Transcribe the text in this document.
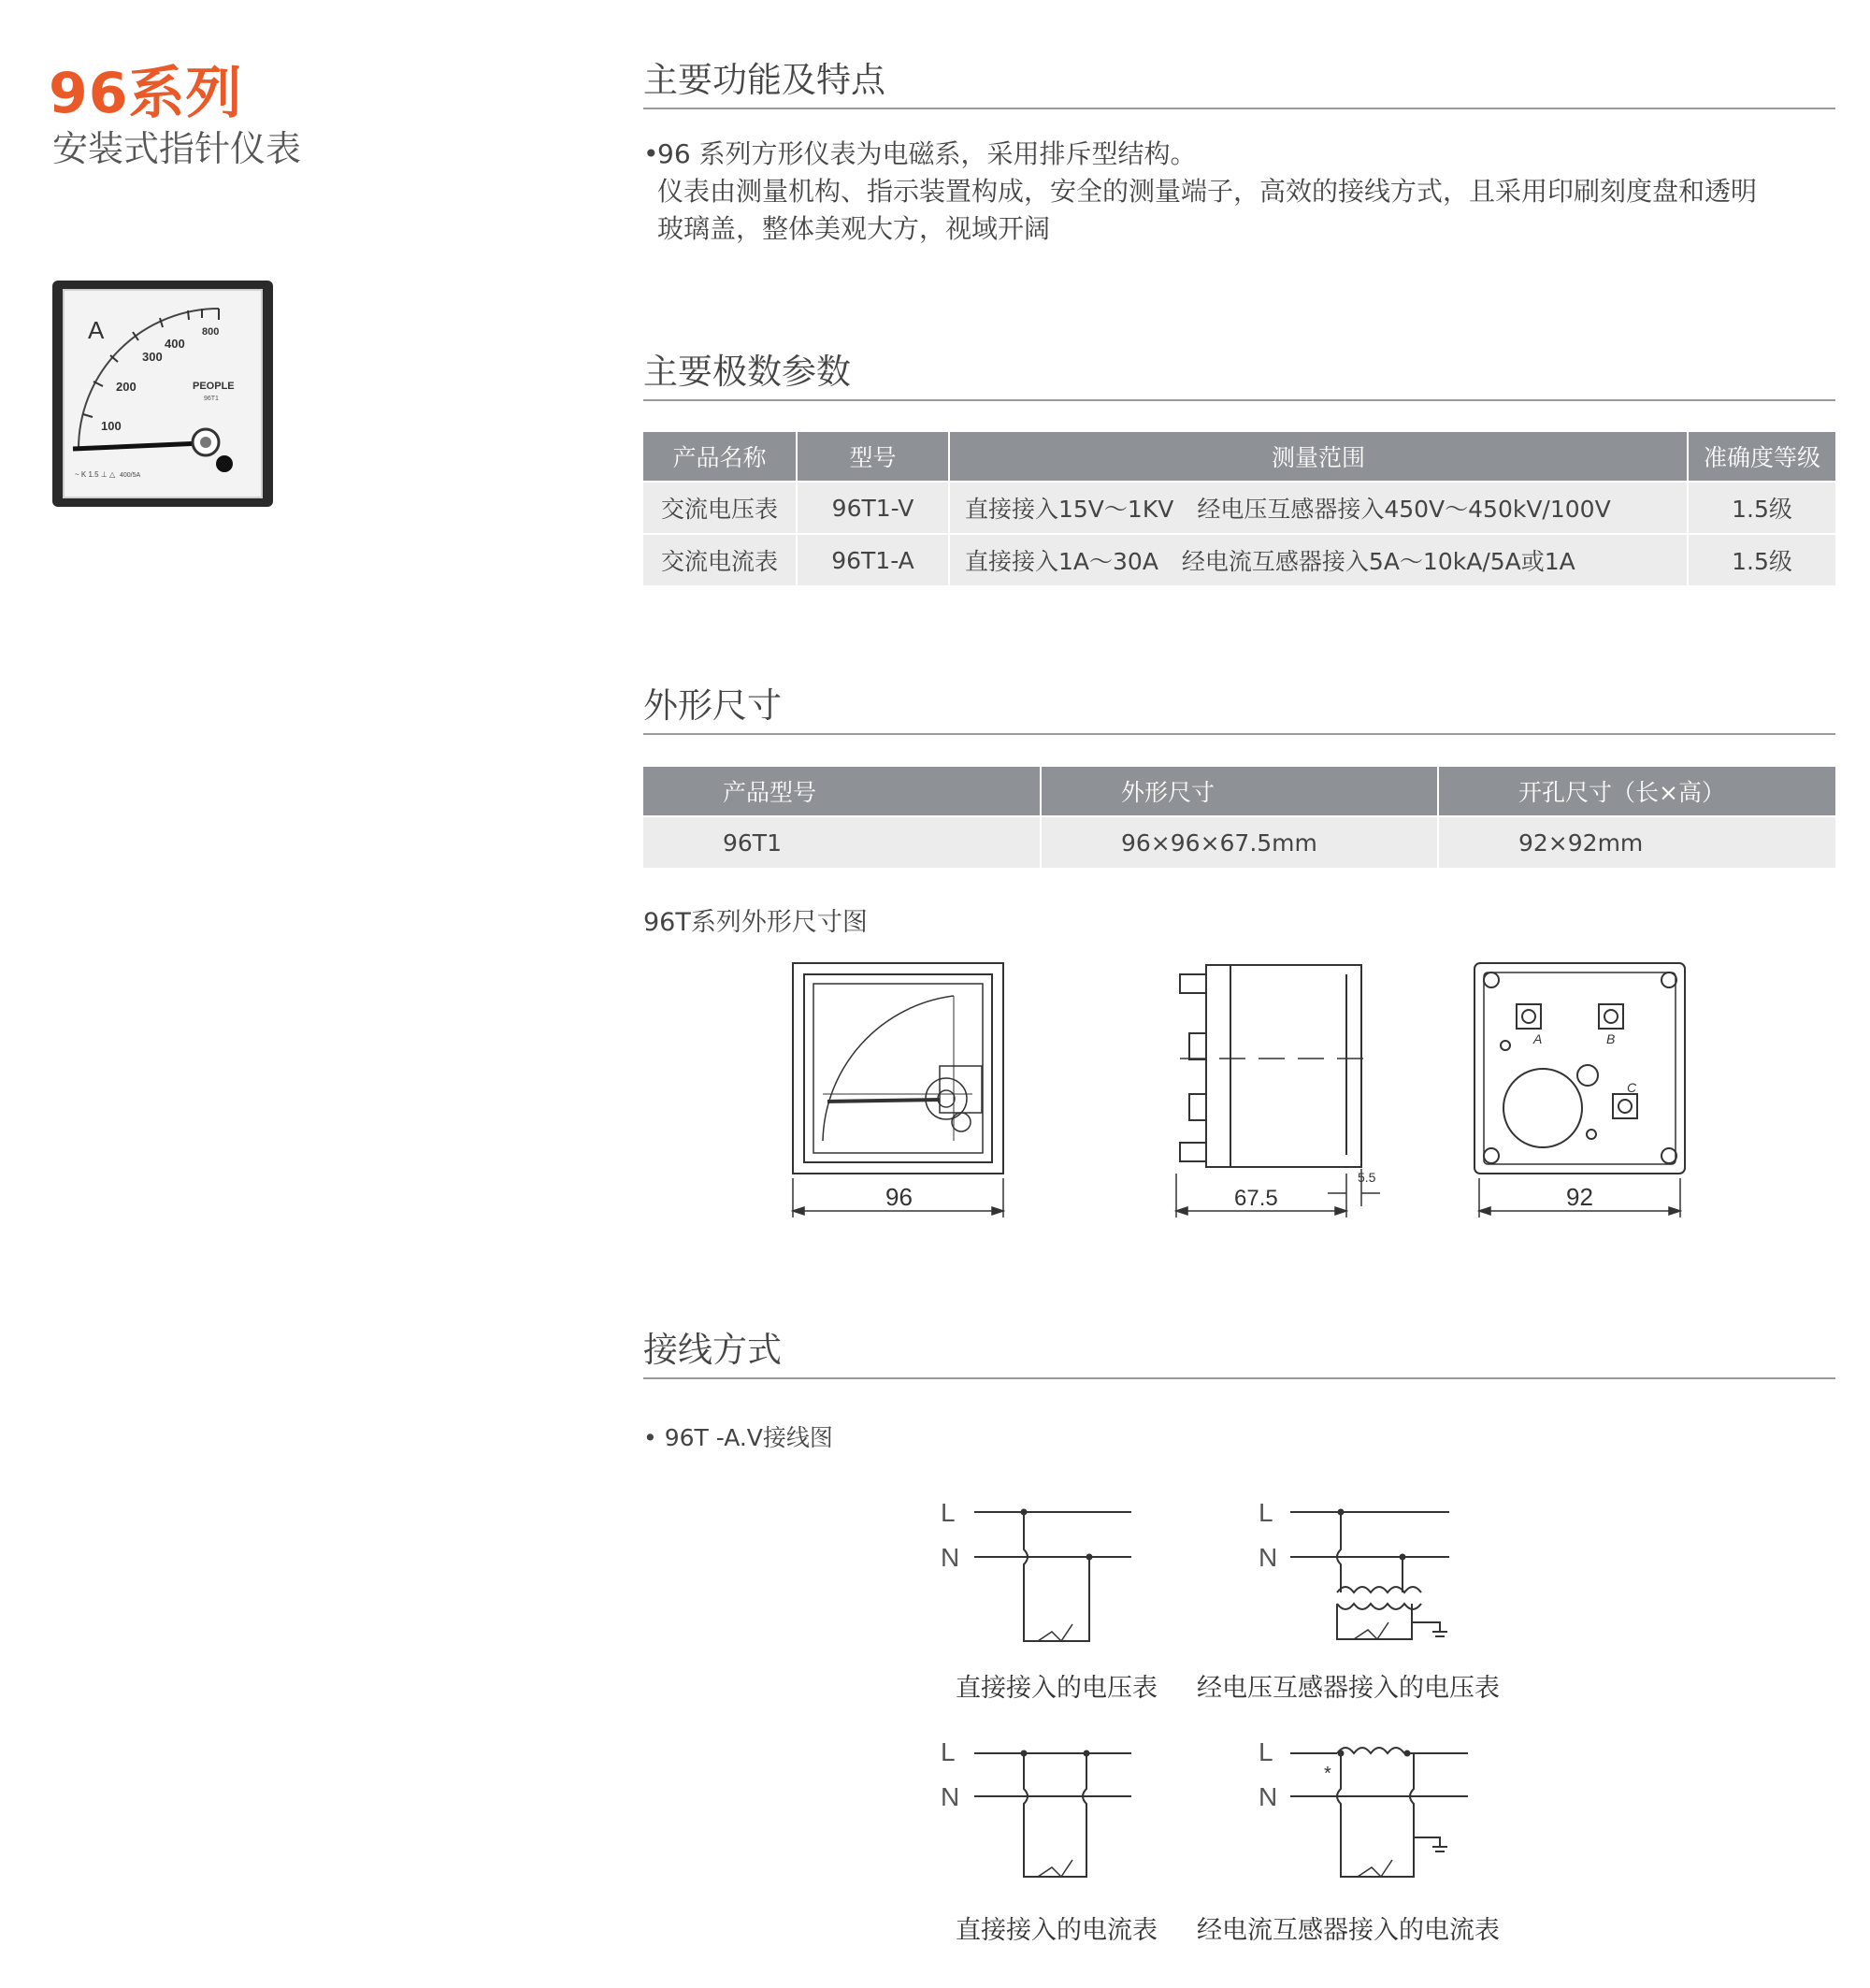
96系列
安装式指针仪表
A
100
200
300
400
800
PEOPLE
96T1
~ K 1.5 ⊥ △ 400/5A
主要功能及特点
•
96 系列方形仪表为电磁系，采用排斥型结构。
仪表由测量机构、指示装置构成，安全的测量端子，高效的接线方式，且采用印刷刻度盘和透明
玻璃盖，整体美观大方，视域开阔
主要极数参数
产品名称	型号	测量范围	准确度等级
交流电压表	96T1-V	直接接入15V～1KV　经电压互感器接入450V～450kV/100V	1.5级
交流电流表	96T1-A	直接接入1A～30A　经电流互感器接入5A～10kA/5A或1A	1.5级
外形尺寸
产品型号	外形尺寸	开孔尺寸（长×高）
96T1	96×96×67.5mm	92×92mm
96T系列外形尺寸图
A	B
C
96	67.5
5.5
92
接线方式
• 96T -A.V接线图
L
N
L
N
L
N
L
N
*
直接接入的电压表	经电压互感器接入的电压表
直接接入的电流表	经电流互感器接入的电流表
